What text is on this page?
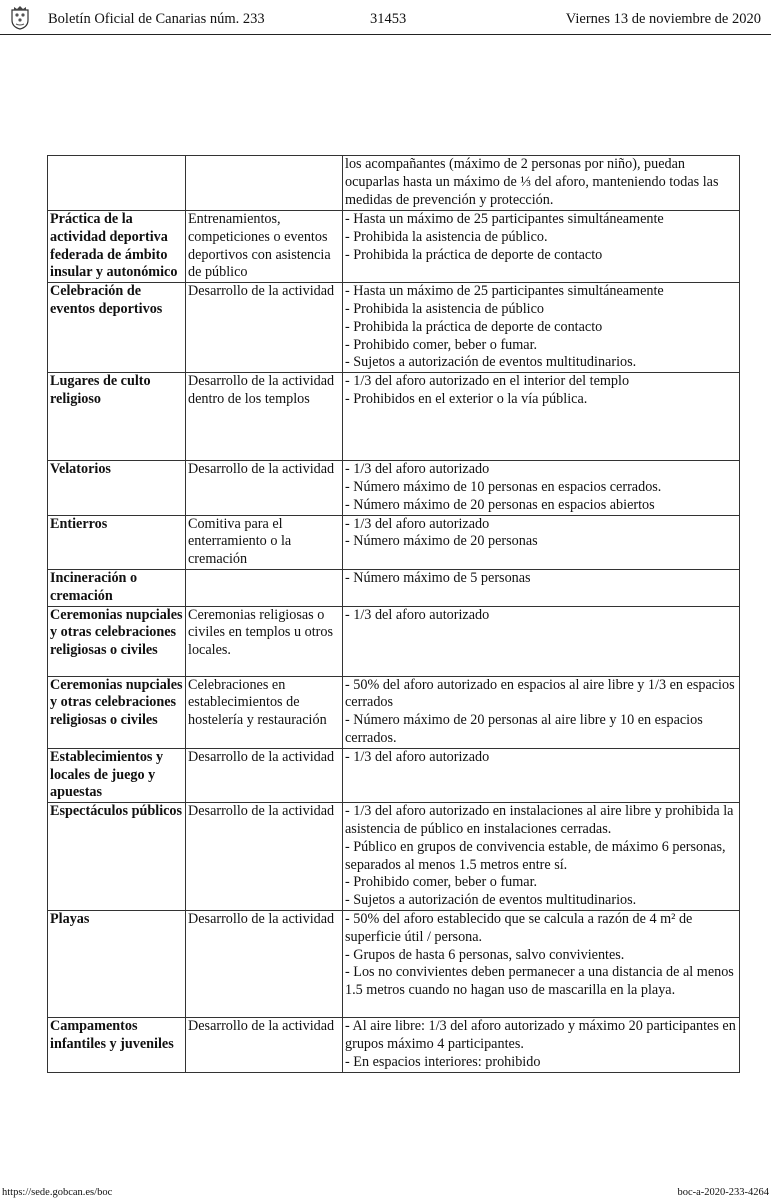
Boletín Oficial de Canarias núm. 233	31453	Viernes 13 de noviembre de 2020

		los acompañantes (máximo de 2 personas por niño), puedan ocuparlas hasta un máximo de ⅓ del aforo, manteniendo todas las medidas de prevención y protección.

Práctica de la actividad deportiva federada de ámbito insular y autonómico	Entrenamientos, competiciones o eventos deportivos con asistencia de público	- Hasta un máximo de 25 participantes simultáneamente
- Prohibida la asistencia de público.
- Prohibida la práctica de deporte de contacto

Celebración de eventos deportivos	Desarrollo de la actividad	- Hasta un máximo de 25 participantes simultáneamente
- Prohibida la asistencia de público
- Prohibida la práctica de deporte de contacto
- Prohibido comer, beber o fumar.
- Sujetos a autorización de eventos multitudinarios.

Lugares de culto religioso	Desarrollo de la actividad dentro de los templos	- 1/3 del aforo autorizado en el interior del templo
- Prohibidos en el exterior o la vía pública.

Velatorios	Desarrollo de la actividad	- 1/3 del aforo autorizado
- Número máximo de 10 personas en espacios cerrados.
- Número máximo de 20 personas en espacios abiertos

Entierros	Comitiva para el enterramiento o la cremación	- 1/3 del aforo autorizado
- Número máximo de 20 personas

Incineración o cremación		- Número máximo de 5 personas

Ceremonias nupciales y otras celebraciones religiosas o civiles	Ceremonias religiosas o civiles en templos u otros locales.	- 1/3 del aforo autorizado

Ceremonias nupciales y otras celebraciones religiosas o civiles	Celebraciones en establecimientos de hostelería y restauración	- 50% del aforo autorizado en espacios al aire libre y 1/3 en espacios cerrados
- Número máximo de 20 personas al aire libre y 10 en espacios cerrados.

Establecimientos y locales de juego y apuestas	Desarrollo de la actividad	- 1/3 del aforo autorizado

Espectáculos públicos	Desarrollo de la actividad	- 1/3 del aforo autorizado en instalaciones al aire libre y prohibida la asistencia de público en instalaciones cerradas.
- Público en grupos de convivencia estable, de máximo 6 personas, separados al menos 1.5 metros entre sí.
- Prohibido comer, beber o fumar.
- Sujetos a autorización de eventos multitudinarios.

Playas	Desarrollo de la actividad	- 50% del aforo establecido que se calcula a razón de 4 m² de superficie útil / persona.
- Grupos de hasta 6 personas, salvo convivientes.
- Los no convivientes deben permanecer a una distancia de al menos 1.5 metros cuando no hagan uso de mascarilla en la playa.

Campamentos infantiles y juveniles	Desarrollo de la actividad	- Al aire libre: 1/3 del aforo autorizado y máximo 20 participantes en grupos máximo 4 participantes.
- En espacios interiores: prohibido
https://sede.gobcan.es/boc	boc-a-2020-233-4264
